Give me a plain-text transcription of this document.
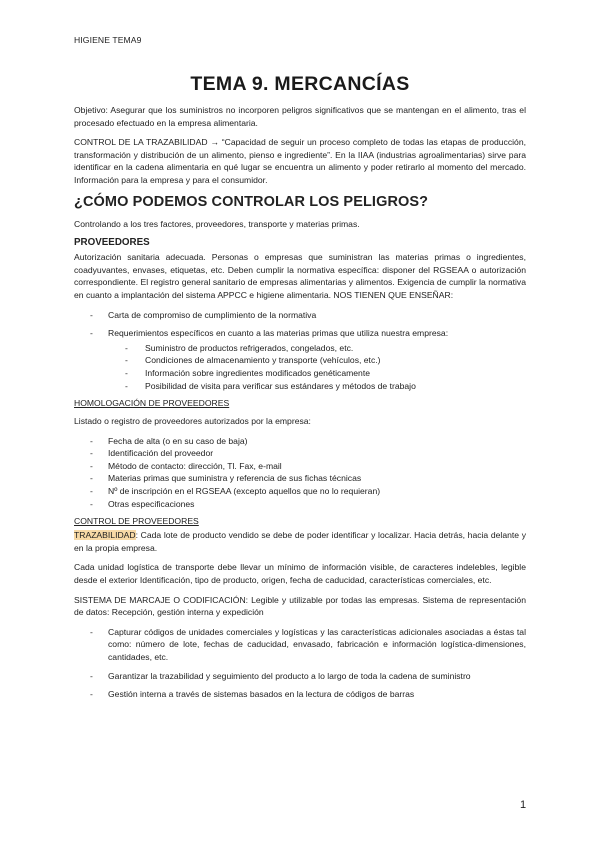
HIGIENE TEMA9
TEMA 9. MERCANCÍAS

Objetivo: Asegurar que los suministros no incorporen peligros significativos que se mantengan en el alimento, tras el procesado efectuado en la empresa alimentaria.

CONTROL DE LA TRAZABILIDAD → “Capacidad de seguir un proceso completo de todas las etapas de producción, transformación y distribución de un alimento, pienso e ingrediente”. En la IIAA (industrias agroalimentarias) sirve para identificar en la cadena alimentaria en qué lugar se encuentra un alimento y poder retirarlo al momento del mercado. Información para la empresa y para el consumidor.

¿CÓMO PODEMOS CONTROLAR LOS PELIGROS?

Controlando a los tres factores, proveedores, transporte y materias primas.

PROVEEDORES

Autorización sanitaria adecuada. Personas o empresas que suministran las materias primas o ingredientes, coadyuvantes, envases, etiquetas, etc. Deben cumplir la normativa específica: disponer del RGSEAA o autorización correspondiente. El registro general sanitario de empresas alimentarias y alimentos. Exigencia de cumplir la normativa en cuanto a implantación del sistema APPCC e higiene alimentaria. NOS TIENEN QUE ENSEÑAR:

- Carta de compromiso de cumplimiento de la normativa
- Requerimientos específicos en cuanto a las materias primas que utiliza nuestra empresa:
- Suministro de productos refrigerados, congelados, etc.
- Condiciones de almacenamiento y transporte (vehículos, etc.)
- Información sobre ingredientes modificados genéticamente
- Posibilidad de visita para verificar sus estándares y métodos de trabajo
HOMOLOGACIÓN DE PROVEEDORES

Listado o registro de proveedores autorizados por la empresa:

- Fecha de alta (o en su caso de baja)
- Identificación del proveedor
- Método de contacto: dirección, Tl. Fax, e-mail
- Materias primas que suministra y referencia de sus fichas técnicas
- Nº de inscripción en el RGSEAA (excepto aquellos que no lo requieran)
- Otras especificaciones
CONTROL DE PROVEEDORES

TRAZABILIDAD: Cada lote de producto vendido se debe de poder identificar y localizar. Hacia detrás, hacia delante y en la propia empresa.

Cada unidad logística de transporte debe llevar un mínimo de información visible, de caracteres indelebles, legible desde el exterior Identificación, tipo de producto, origen, fecha de caducidad, características comerciales, etc.

SISTEMA DE MARCAJE O CODIFICACIÓN: Legible y utilizable por todas las empresas. Sistema de representación de datos: Recepción, gestión interna y expedición

- Capturar códigos de unidades comerciales y logísticas y las características adicionales asociadas a éstas tal como: número de lote, fechas de caducidad, envasado, fabricación e información logística-dimensiones, cantidades, etc.
- Garantizar la trazabilidad y seguimiento del producto a lo largo de toda la cadena de suministro
- Gestión interna a través de sistemas basados en la lectura de códigos de barras
1
